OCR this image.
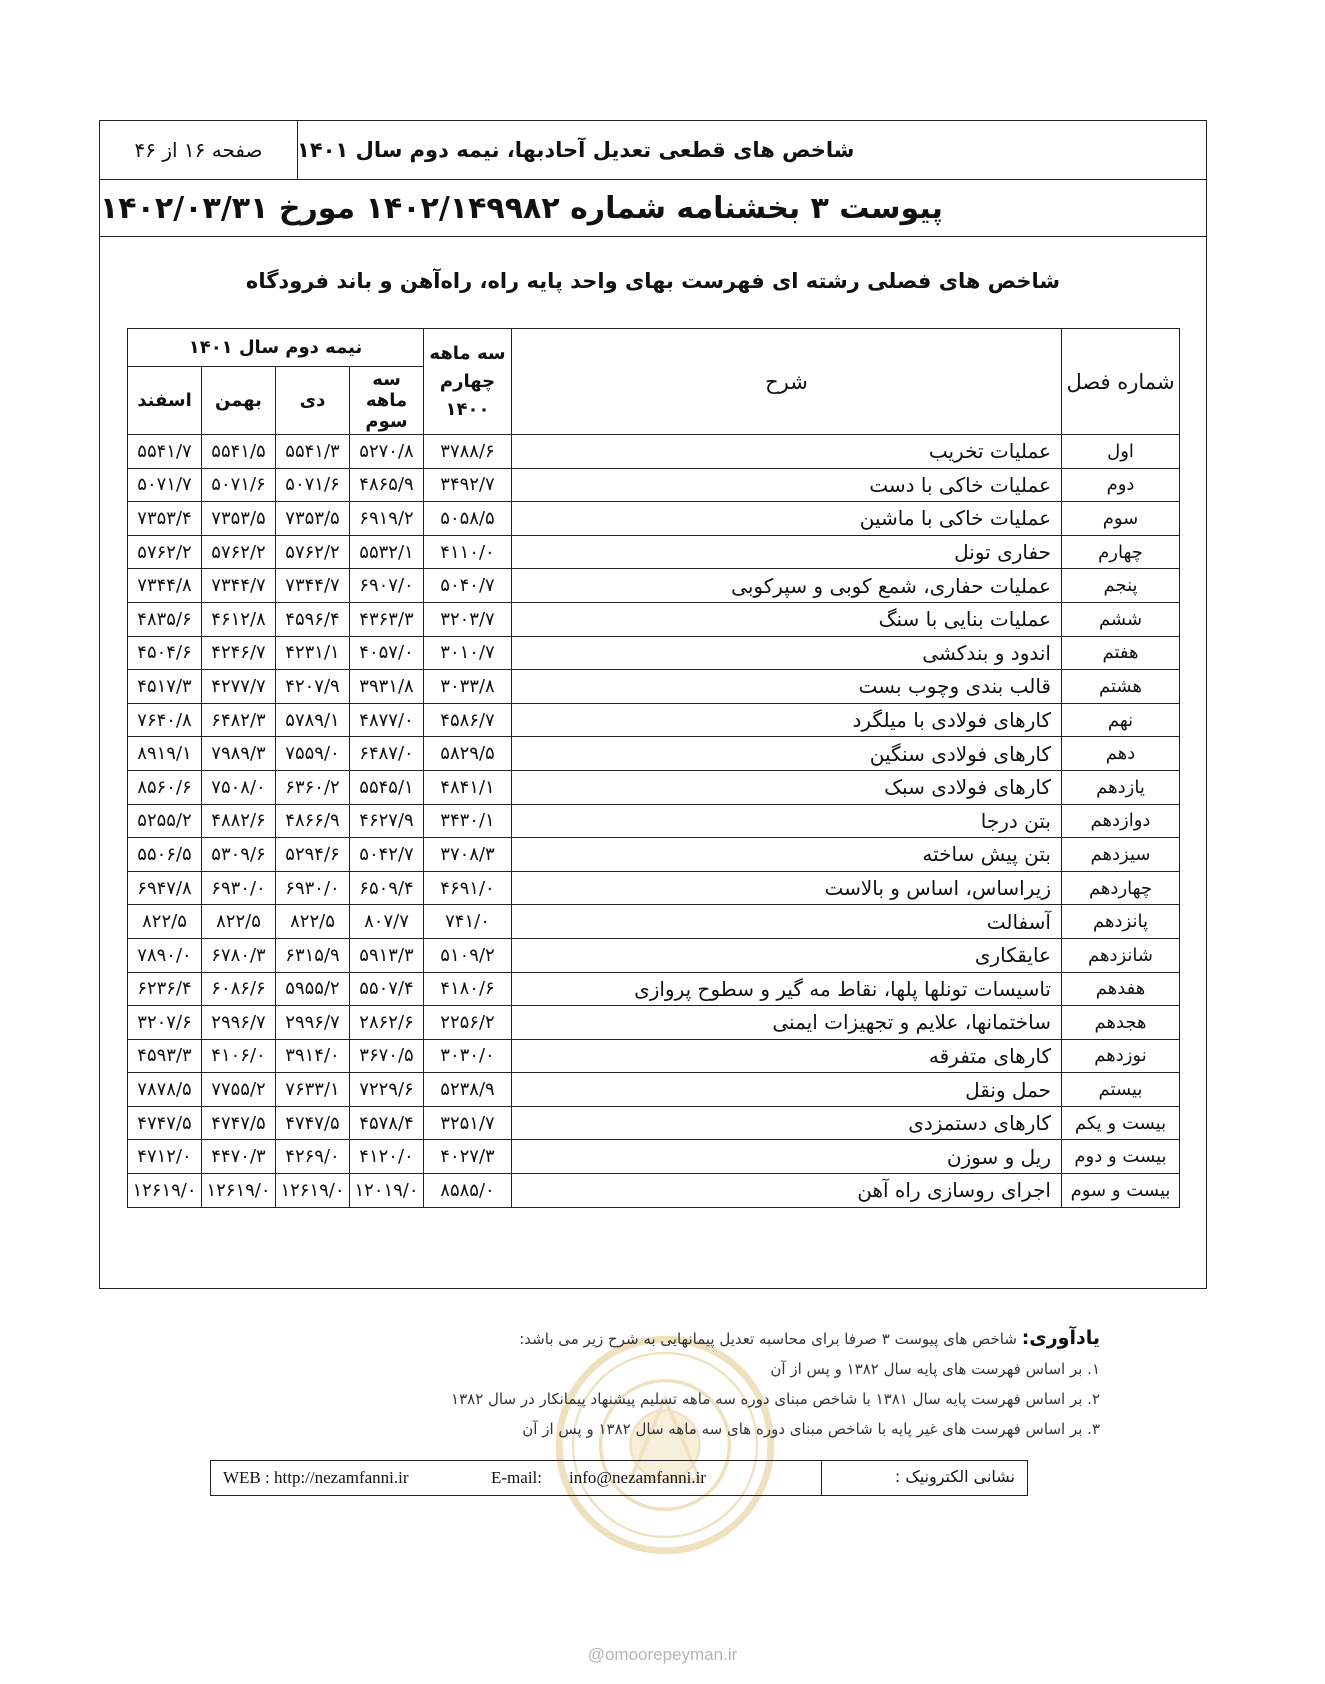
شاخص های قطعی تعدیل آحادبها، نیمه دوم سال ۱۴۰۱
صفحه ۱۶ از ۴۶
پیوست ۳ بخشنامه شماره ۱۴۰۲/۱۴۹۹۸۲ مورخ ۱۴۰۲/۰۳/۳۱
شاخص های فصلی رشته ای فهرست بهای واحد پایه راه، راه‌آهن و باند فرودگاه
شماره فصل	شرح	سه ماهه چهارم ۱۴۰۰	نیمه دوم سال ۱۴۰۱			
			سه ماهه سوم	دی	بهمن	اسفند
اول	عملیات تخریب	۳۷۸۸/۶	۵۲۷۰/۸	۵۵۴۱/۳	۵۵۴۱/۵	۵۵۴۱/۷
دوم	عملیات خاکی با دست	۳۴۹۲/۷	۴۸۶۵/۹	۵۰۷۱/۶	۵۰۷۱/۶	۵۰۷۱/۷
سوم	عملیات خاکی با ماشین	۵۰۵۸/۵	۶۹۱۹/۲	۷۳۵۳/۵	۷۳۵۳/۵	۷۳۵۳/۴
چهارم	حفاری تونل	۴۱۱۰/۰	۵۵۳۲/۱	۵۷۶۲/۲	۵۷۶۲/۲	۵۷۶۲/۲
پنجم	عملیات حفاری، شمع کوبی و سپرکوبی	۵۰۴۰/۷	۶۹۰۷/۰	۷۳۴۴/۷	۷۳۴۴/۷	۷۳۴۴/۸
ششم	عملیات بنایی با سنگ	۳۲۰۳/۷	۴۳۶۳/۳	۴۵۹۶/۴	۴۶۱۲/۸	۴۸۳۵/۶
هفتم	اندود و بندکشی	۳۰۱۰/۷	۴۰۵۷/۰	۴۲۳۱/۱	۴۲۴۶/۷	۴۵۰۴/۶
هشتم	قالب بندی وچوب بست	۳۰۳۳/۸	۳۹۳۱/۸	۴۲۰۷/۹	۴۲۷۷/۷	۴۵۱۷/۳
نهم	کارهای فولادی با میلگرد	۴۵۸۶/۷	۴۸۷۷/۰	۵۷۸۹/۱	۶۴۸۲/۳	۷۶۴۰/۸
دهم	کارهای فولادی سنگین	۵۸۲۹/۵	۶۴۸۷/۰	۷۵۵۹/۰	۷۹۸۹/۳	۸۹۱۹/۱
یازدهم	کارهای فولادی سبک	۴۸۴۱/۱	۵۵۴۵/۱	۶۳۶۰/۲	۷۵۰۸/۰	۸۵۶۰/۶
دوازدهم	بتن درجا	۳۴۳۰/۱	۴۶۲۷/۹	۴۸۶۶/۹	۴۸۸۲/۶	۵۲۵۵/۲
سیزدهم	بتن پیش ساخته	۳۷۰۸/۳	۵۰۴۲/۷	۵۲۹۴/۶	۵۳۰۹/۶	۵۵۰۶/۵
چهاردهم	زیراساس، اساس و بالاست	۴۶۹۱/۰	۶۵۰۹/۴	۶۹۳۰/۰	۶۹۳۰/۰	۶۹۴۷/۸
پانزدهم	آسفالت	۷۴۱/۰	۸۰۷/۷	۸۲۲/۵	۸۲۲/۵	۸۲۲/۵
شانزدهم	عایقکاری	۵۱۰۹/۲	۵۹۱۳/۳	۶۳۱۵/۹	۶۷۸۰/۳	۷۸۹۰/۰
هفدهم	تاسیسات تونلها پلها، نقاط مه گیر و سطوح پروازی	۴۱۸۰/۶	۵۵۰۷/۴	۵۹۵۵/۲	۶۰۸۶/۶	۶۲۳۶/۴
هجدهم	ساختمانها، علایم و تجهیزات ایمنی	۲۲۵۶/۲	۲۸۶۲/۶	۲۹۹۶/۷	۲۹۹۶/۷	۳۲۰۷/۶
نوزدهم	کارهای متفرقه	۳۰۳۰/۰	۳۶۷۰/۵	۳۹۱۴/۰	۴۱۰۶/۰	۴۵۹۳/۳
بیستم	حمل ونقل	۵۲۳۸/۹	۷۲۲۹/۶	۷۶۳۳/۱	۷۷۵۵/۲	۷۸۷۸/۵
بیست و یکم	کارهای دستمزدی	۳۲۵۱/۷	۴۵۷۸/۴	۴۷۴۷/۵	۴۷۴۷/۵	۴۷۴۷/۵
بیست و دوم	ریل و سوزن	۴۰۲۷/۳	۴۱۲۰/۰	۴۲۶۹/۰	۴۴۷۰/۳	۴۷۱۲/۰
بیست و سوم	اجرای روسازی راه آهن	۸۵۸۵/۰	۱۲۰۱۹/۰	۱۲۶۱۹/۰	۱۲۶۱۹/۰	۱۲۶۱۹/۰
یادآوری: شاخص های پیوست ۳ صرفا برای محاسبه تعدیل پیمانهایی به شرح زیر می باشد:
۱. بر اساس فهرست های پایه سال ۱۳۸۲ و پس از آن
۲. بر اساس فهرست پایه سال ۱۳۸۱ با شاخص مبنای دوره سه ماهه تسلیم پیشنهاد پیمانکار در سال ۱۳۸۲
۳. بر اساس فهرست های غیر پایه با شاخص مبنای دوره های سه ماهه سال ۱۳۸۲ و پس از آن
نشانی الکترونیک :
WEB : http://nezamfanni.ir	E-mail: info@nezamfanni.ir
@omoorepeyman.ir
